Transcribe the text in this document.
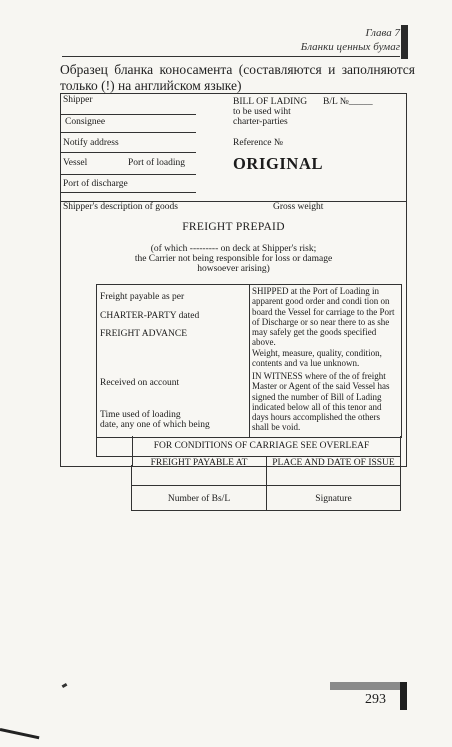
Глава 7
Бланки ценных бумаг
Образец бланка коносамента (составляются и заполняются только (!) на английском языке)
Shipper
Consignee
Notify address
Vessel	Port of loading
Port of discharge
BILL OF LADING B/L №_____
to be used wiht
charter-parties
Reference №
ORIGINAL
Shipper's description of goods	Gross weight
FREIGHT PREPAID
(of which --------- on deck at Shipper's risk;
the Carrier not being responsible for loss or damage
howsoever arising)
Freight payable as per
CHARTER-PARTY dated
FREIGHT ADVANCE
Received on account
Time used of loading
date, any one of which being
SHIPPED at the Port of Loading in apparent good order and condi tion on board the Vessel for carriage to the Port of Discharge or so near there to as she may safely get the goods specified above.
Weight, measure, quality, condition, contents and va lue unknown.
IN WITNESS where of the of freight Master or Agent of the said Vessel has signed the number of Bill of Lading indicated below all of this tenor and days hours accomplished the others shall be void.
FOR CONDITIONS OF CARRIAGE SEE OVERLEAF
FREIGHT PAYABLE AT	PLACE AND DATE OF ISSUE
Number of Bs/L	Signature
293
